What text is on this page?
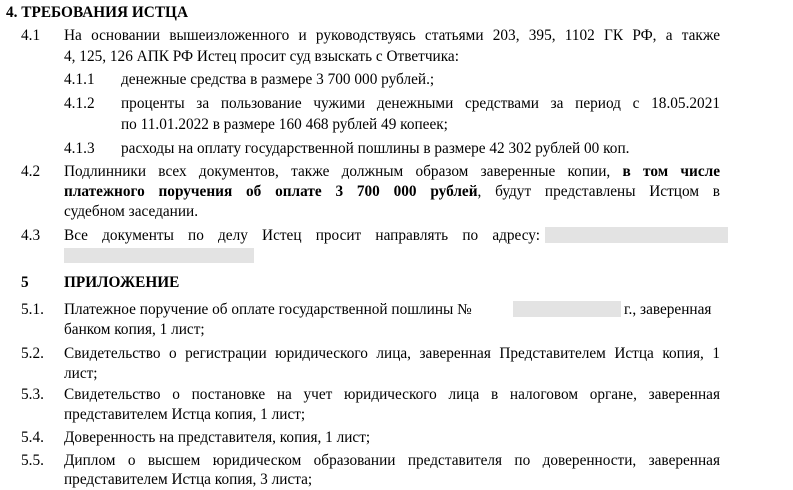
4. ТРЕБОВАНИЯ ИСТЦА
4.1 На основании вышеизложенного и руководствуясь статьями 203, 395, 1102 ГК РФ, а также
4, 125, 126 АПК РФ Истец просит суд взыскать с Ответчика:
4.1.1 денежные средства в размере 3 700 000 рублей.;
4.1.2 проценты за пользование чужими денежными средствами за период с 18.05.2021
по 11.01.2022 в размере 160 468 рублей 49 копеек;
4.1.3 расходы на оплату государственной пошлины в размере 42 302 рублей 00 коп.
4.2 Подлинники всех документов, также должным образом заверенные копии, в том числе
платежного поручения об оплате 3 700 000 рублей, будут представлены Истцом в
судебном заседании.
4.3 Все документы по делу Истец просит направлять по адресу:
5 ПРИЛОЖЕНИЕ
5.1. Платежное поручение об оплате государственной пошлины №	г., заверенная
банком копия, 1 лист;
5.2. Свидетельство о регистрации юридического лица, заверенная Представителем Истца копия, 1
лист;
5.3. Свидетельство о постановке на учет юридического лица в налоговом органе, заверенная
представителем Истца копия, 1 лист;
5.4. Доверенность на представителя, копия, 1 лист;
5.5. Диплом о высшем юридическом образовании представителя по доверенности, заверенная
представителем Истца копия, 3 листа;
